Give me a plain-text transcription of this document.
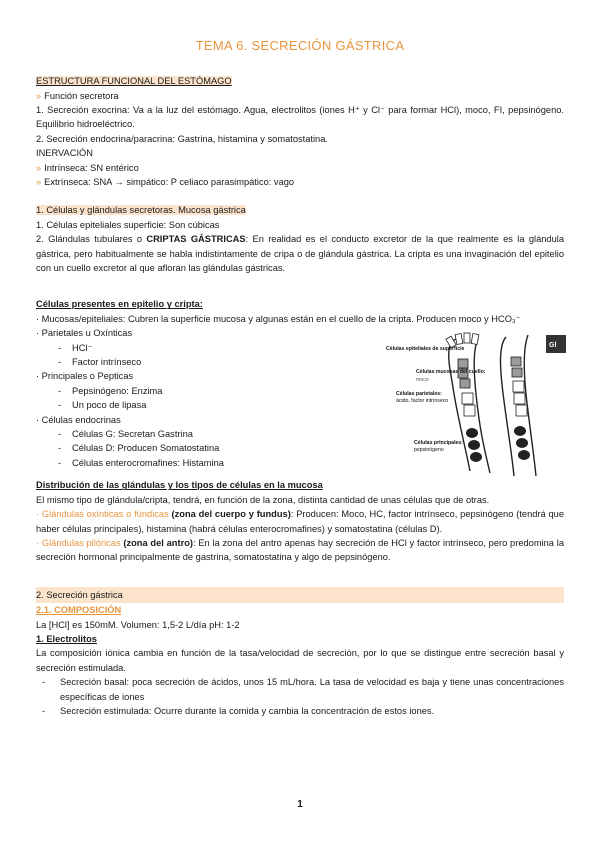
TEMA 6. SECRECIÓN GÁSTRICA

ESTRUCTURA FUNCIONAL DEL ESTÓMAGO

» Función secretora

1. Secreción exocrina: Va a la luz del estómago. Agua, electrolitos (iones H⁺ y Cl⁻ para formar HCl), moco, FI, pepsinógeno. Equilibrio hidroeléctrico.

2. Secreción endocrina/paracrina: Gastrina, histamina y somatostatina.

INERVACIÓN

» Intrínseca: SN entérico

» Extrínseca: SNA → simpático: P celiaco parasimpático: vago

1. Células y glándulas secretoras. Mucosa gástrica

1. Células epiteliales superficie: Son cúbicas

2. Glándulas tubulares o CRIPTAS GÁSTRICAS: En realidad es el conducto excretor de la que realmente es la glándula gástrica, pero habitualmente se habla indistintamente de cripa o de glándula gástrica. La cripta es una invaginación del epitelio con un cuello excretor al que afloran las glándulas gástricas.

Células presentes en epitelio y cripta:

· Mucosas/epiteliales: Cubren la superficie mucosa y algunas están en el cuello de la cripta. Producen moco y HCO₃⁻

· Parietales u Oxínticas

- HCl⁻
- Factor intrínseco

· Principales o Pepticas

- Pepsinógeno: Enzima
- Un poco de lipasa

· Células endocrinas

- Células G: Secretan Gastrina
- Células D: Producen Somatostatina
- Células enterocromafines: Histamina
Gl
Células epiteliales de superficie
Células mucosas del cuello:
moco
Células parietales:
ácido, factor intrínseco
Células principales:
pepsinógeno

Distribución de las glándulas y los tipos de células en la mucosa

El mismo tipo de glándula/cripta, tendrá, en función de la zona, distinta cantidad de unas células que de otras.

· Glándulas oxínticas o fúndicas (zona del cuerpo y fundus): Producen: Moco, HC, factor intrínseco, pepsinógeno (tendrá que haber células principales), histamina (habrá células enterocromafines) y somatostatina (células D).

· Glándulas pilóricas (zona del antro): En la zona del antro apenas hay secreción de HCl y factor intrínseco, pero predomina la secreción hormonal principalmente de gastrina, somatostatina y algo de pepsinógeno.

2. Secreción gástrica

2.1. COMPOSICIÓN

La [HCl] es 150mM. Volumen: 1,5-2 L/día pH: 1-2

1. Electrolitos

La composición iónica cambia en función de la tasa/velocidad de secreción, por lo que se distingue entre secreción basal y secreción estimulada.

- Secreción basal: poca secreción de ácidos, unos 15 mL/hora. La tasa de velocidad es baja y tiene unas concentraciones específicas de iones
- Secreción estimulada: Ocurre durante la comida y cambia la concentración de estos iones.
1
